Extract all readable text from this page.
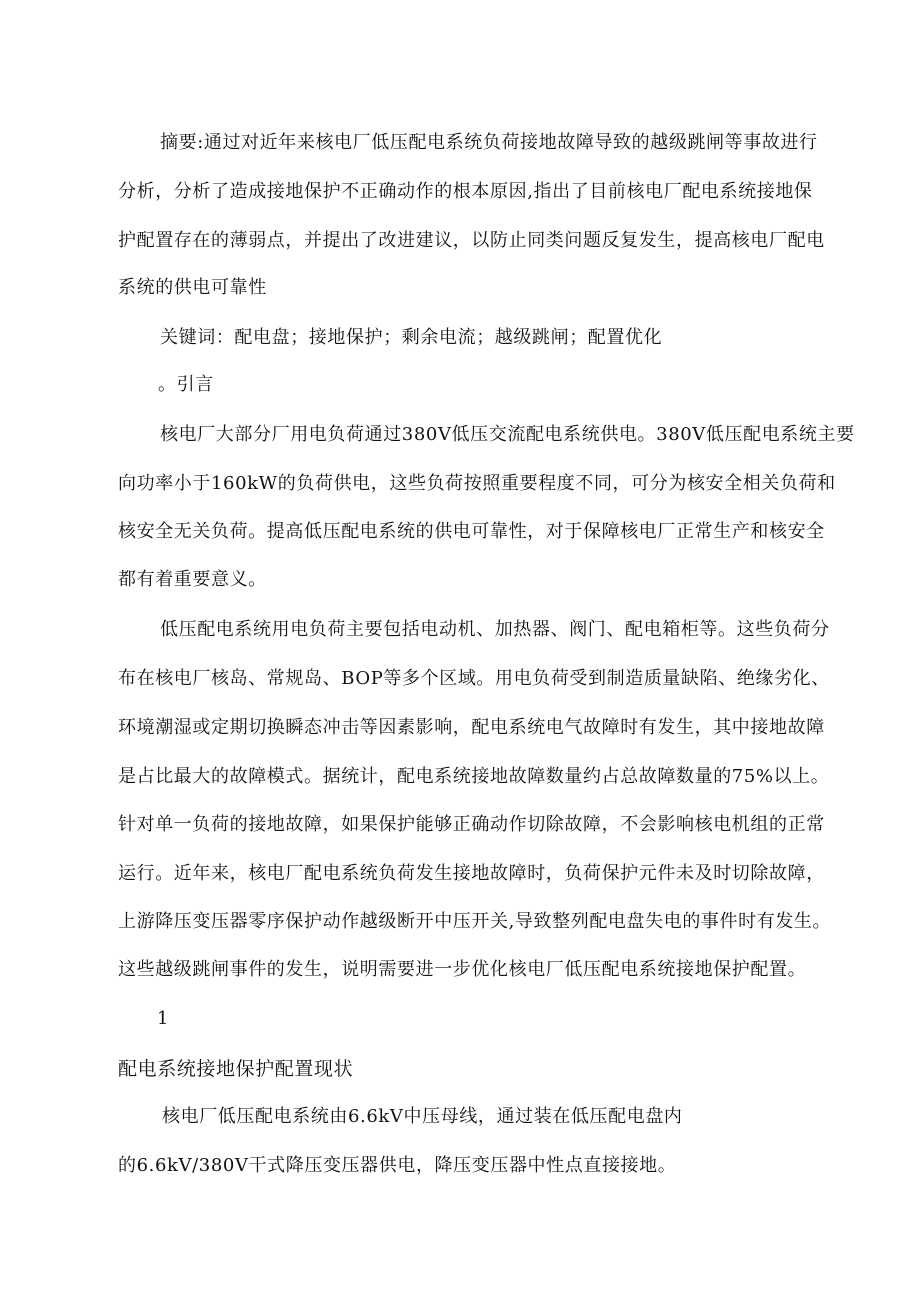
摘要:通过对近年来核电厂低压配电系统负荷接地故障导致的越级跳闸等事故进行
分析，分析了造成接地保护不正确动作的根本原因,指出了目前核电厂配电系统接地保
护配置存在的薄弱点，并提出了改进建议，以防止同类问题反复发生，提高核电厂配电
系统的供电可靠性
关键词：配电盘；接地保护；剩余电流；越级跳闸；配置优化
。引言
核电厂大部分厂用电负荷通过380V低压交流配电系统供电。380V低压配电系统主要
向功率小于160kW的负荷供电，这些负荷按照重要程度不同，可分为核安全相关负荷和
核安全无关负荷。提高低压配电系统的供电可靠性，对于保障核电厂正常生产和核安全
都有着重要意义。
低压配电系统用电负荷主要包括电动机、加热器、阀门、配电箱柜等。这些负荷分
布在核电厂核岛、常规岛、BOP等多个区域。用电负荷受到制造质量缺陷、绝缘劣化、
环境潮湿或定期切换瞬态冲击等因素影响，配电系统电气故障时有发生，其中接地故障
是占比最大的故障模式。据统计，配电系统接地故障数量约占总故障数量的75%以上。
针对单一负荷的接地故障，如果保护能够正确动作切除故障，不会影响核电机组的正常
运行。近年来，核电厂配电系统负荷发生接地故障时，负荷保护元件未及时切除故障，
上游降压变压器零序保护动作越级断开中压开关,导致整列配电盘失电的事件时有发生。
这些越级跳闸事件的发生，说明需要进一步优化核电厂低压配电系统接地保护配置。
1
配电系统接地保护配置现状
核电厂低压配电系统由6.6kV中压母线，通过装在低压配电盘内
的6.6kV/380V干式降压变压器供电，降压变压器中性点直接接地。
